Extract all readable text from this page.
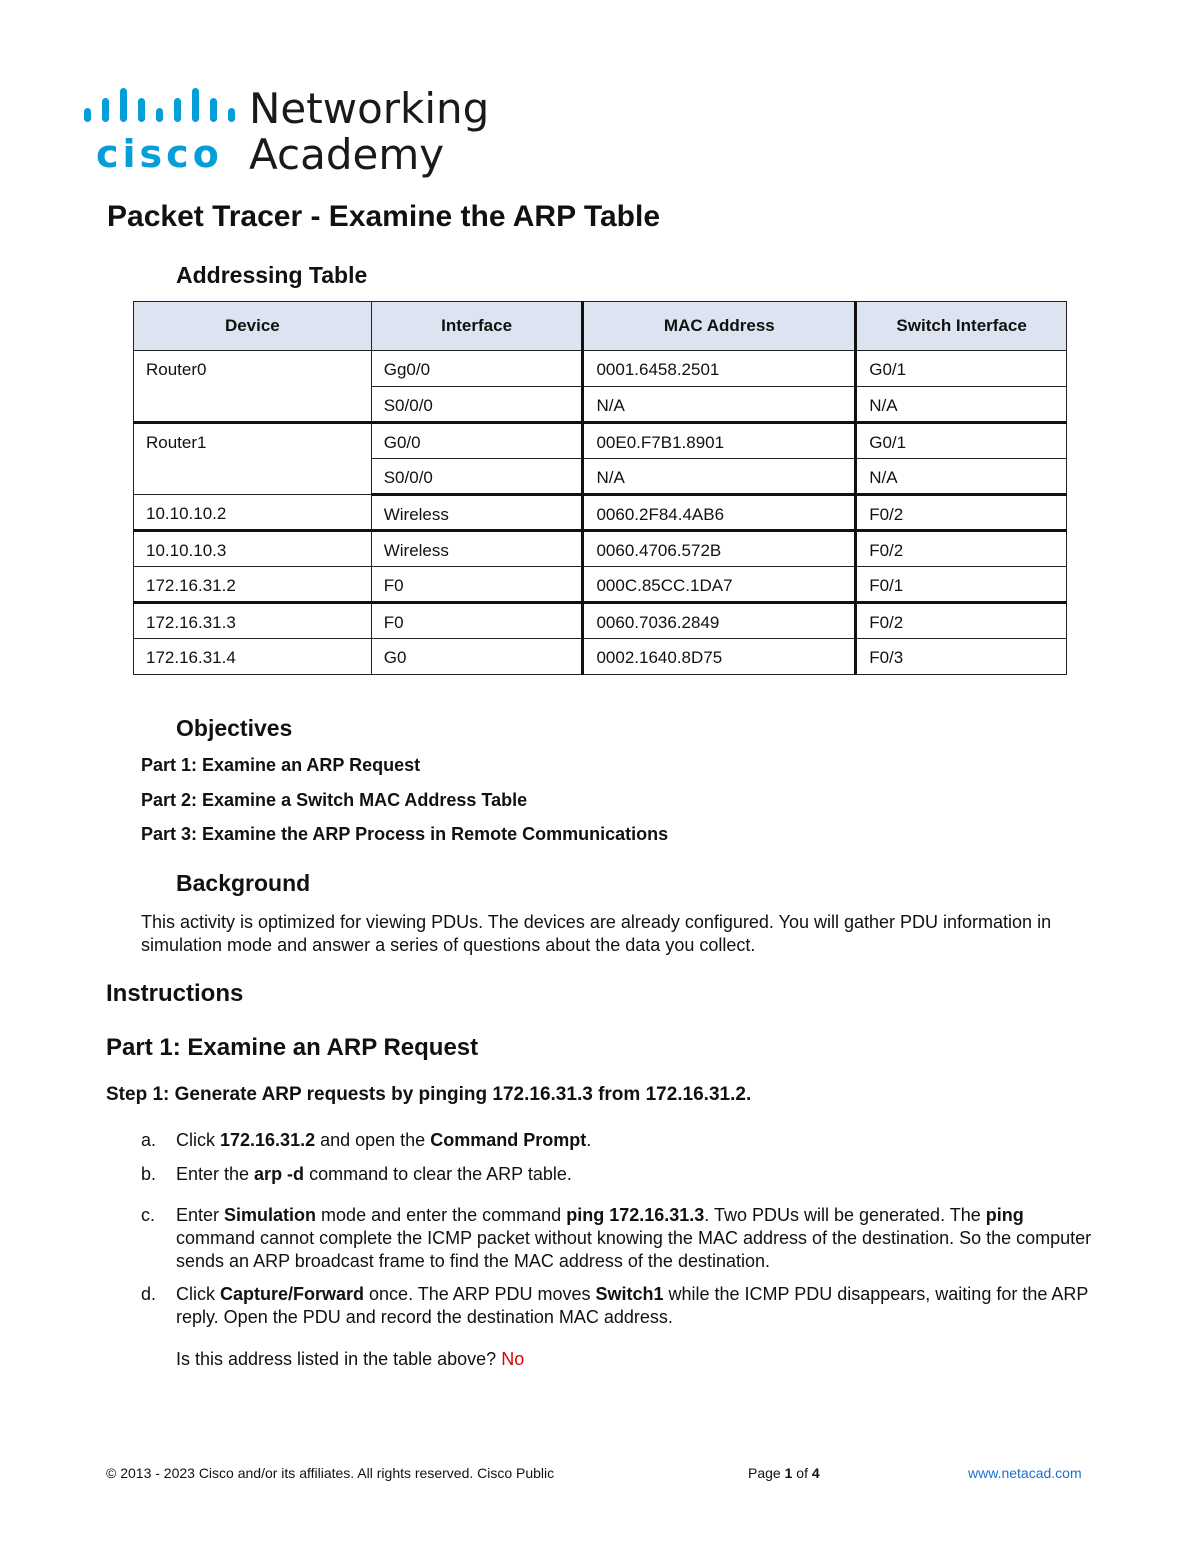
cisco
Networking
Academy
Packet Tracer - Examine the ARP Table
Addressing Table
Device	Interface	MAC Address	Switch Interface
Router0	Gg0/0	0001.6458.2501	G0/1
	S0/0/0	N/A	N/A
Router1	G0/0	00E0.F7B1.8901	G0/1
	S0/0/0	N/A	N/A
10.10.10.2	Wireless	0060.2F84.4AB6	F0/2
10.10.10.3	Wireless	0060.4706.572B	F0/2
172.16.31.2	F0	000C.85CC.1DA7	F0/1
172.16.31.3	F0	0060.7036.2849	F0/2
172.16.31.4	G0	0002.1640.8D75	F0/3
Objectives
Part 1: Examine an ARP Request
Part 2: Examine a Switch MAC Address Table
Part 3: Examine the ARP Process in Remote Communications
Background

This activity is optimized for viewing PDUs. The devices are already configured. You will gather PDU information in simulation mode and answer a series of questions about the data you collect.

Instructions
Part 1: Examine an ARP Request

Step 1: Generate ARP requests by pinging 172.16.31.3 from 172.16.31.2.

a. Click 172.16.31.2 and open the Command Prompt.
b. Enter the arp -d command to clear the ARP table.
c. Enter Simulation mode and enter the command ping 172.16.31.3. Two PDUs will be generated. The ping command cannot complete the ICMP packet without knowing the MAC address of the destination. So the computer sends an ARP broadcast frame to find the MAC address of the destination.
d. Click Capture/Forward once. The ARP PDU moves Switch1 while the ICMP PDU disappears, waiting for the ARP reply. Open the PDU and record the destination MAC address.
Is this address listed in the table above? No
© 2013 - 2023 Cisco and/or its affiliates. All rights reserved. Cisco Public	Page 1 of 4	www.netacad.com
